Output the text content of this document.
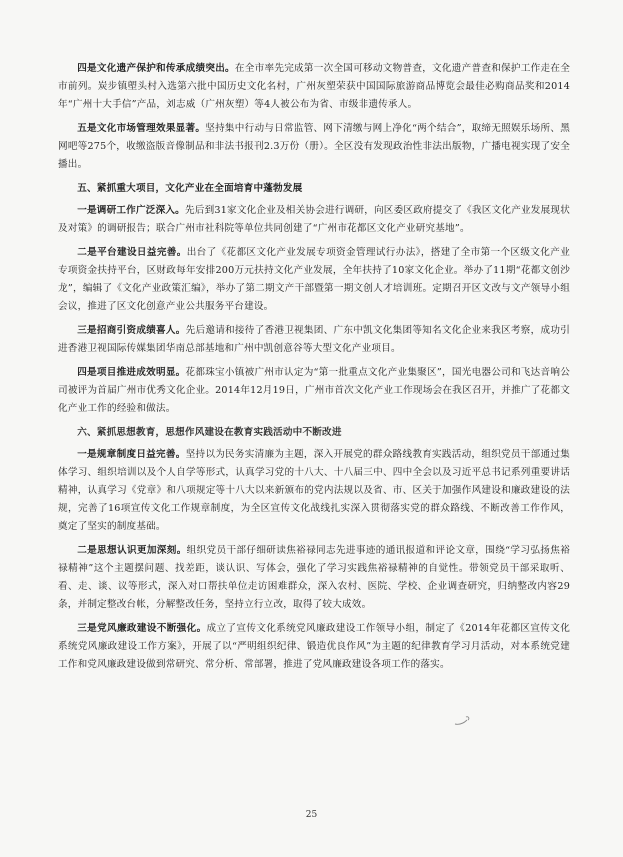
四是文化遗产保护和传承成绩突出。在全市率先完成第一次全国可移动文物普查，文化遗产普查和保护工作走在全市前列。炭步镇塱头村入选第六批中国历史文化名村，广州灰塑荣获中国国际旅游商品博览会最佳必购商品奖和2014年“广州十大手信”产品，刘志威（广州灰塑）等4人被公布为省、市级非遗传承人。

五是文化市场管理效果显著。坚持集中行动与日常监管、网下清缴与网上净化“两个结合”，取缔无照娱乐场所、黑网吧等275个，收缴盗版音像制品和非法书报刊2.3万份（册）。全区没有发现政治性非法出版物，广播电视实现了安全播出。

五、紧抓重大项目，文化产业在全面培育中蓬勃发展

一是调研工作广泛深入。先后到31家文化企业及相关协会进行调研，向区委区政府提交了《我区文化产业发展现状及对策》的调研报告；联合广州市社科院等单位共同创建了“广州市花都区文化产业研究基地”。

二是平台建设日益完善。出台了《花都区文化产业发展专项资金管理试行办法》，搭建了全市第一个区级文化产业专项资金扶持平台，区财政每年安排200万元扶持文化产业发展，全年扶持了10家文化企业。举办了11期“花都文创沙龙”，编辑了《文化产业政策汇编》，举办了第二期文产干部暨第一期文创人才培训班。定期召开区文改与文产领导小组会议，推进了区文化创意产业公共服务平台建设。

三是招商引资成绩喜人。先后邀请和接待了香港卫视集团、广东中凯文化集团等知名文化企业来我区考察，成功引进香港卫视国际传媒集团华南总部基地和广州中凯创意谷等大型文化产业项目。

四是项目推进成效明显。花都珠宝小镇被广州市认定为“第一批重点文化产业集聚区”，国光电器公司和飞达音响公司被评为首届广州市优秀文化企业。2014年12月19日，广州市首次文化产业工作现场会在我区召开，并推广了花都文化产业工作的经验和做法。

六、紧抓思想教育，思想作风建设在教育实践活动中不断改进

一是规章制度日益完善。坚持以为民务实清廉为主题，深入开展党的群众路线教育实践活动，组织党员干部通过集体学习、组织培训以及个人自学等形式，认真学习党的十八大、十八届三中、四中全会以及习近平总书记系列重要讲话精神，认真学习《党章》和八项规定等十八大以来新颁布的党内法规以及省、市、区关于加强作风建设和廉政建设的法规，完善了16项宣传文化工作规章制度，为全区宣传文化战线扎实深入贯彻落实党的群众路线、不断改善工作作风，奠定了坚实的制度基础。

二是思想认识更加深刻。组织党员干部仔细研读焦裕禄同志先进事迹的通讯报道和评论文章，围绕“学习弘扬焦裕禄精神”这个主题摆问题、找差距，谈认识、写体会，强化了学习实践焦裕禄精神的自觉性。带领党员干部采取听、看、走、谈、议等形式，深入对口帮扶单位走访困难群众，深入农村、医院、学校、企业调查研究，归纳整改内容29条，并制定整改台帐，分解整改任务，坚持立行立改，取得了较大成效。

三是党风廉政建设不断强化。成立了宣传文化系统党风廉政建设工作领导小组，制定了《2014年花都区宣传文化系统党风廉政建设工作方案》，开展了以“严明组织纪律、锻造优良作风”为主题的纪律教育学习月活动，对本系统党建工作和党风廉政建设做到常研究、常分析、常部署，推进了党风廉政建设各项工作的落实。

25
